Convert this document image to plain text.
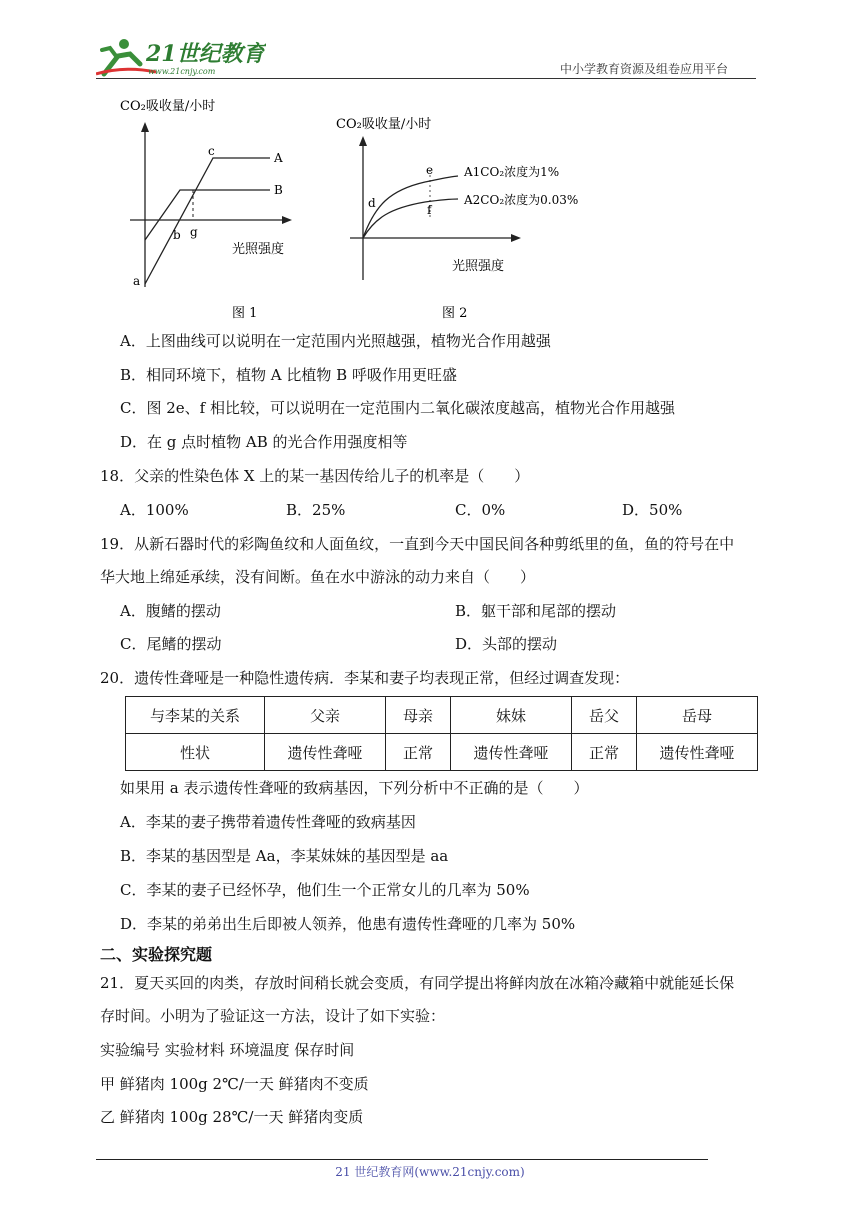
21世纪教育
www.21cnjy.com	中小学教育资源及组卷应用平台
CO₂吸收量/小时
a
b
c
g
A
B
光照强度
图 1
CO₂吸收量/小时
e
d	f
A1CO₂浓度为1%
A2CO₂浓度为0.03%
光照强度
图 2
A．上图曲线可以说明在一定范围内光照越强，植物光合作用越强
B．相同环境下，植物 A 比植物 B 呼吸作用更旺盛
C．图 2e、f 相比较，可以说明在一定范围内二氧化碳浓度越高，植物光合作用越强
D．在 g 点时植物 AB 的光合作用强度相等
18．父亲的性染色体 X 上的某一基因传给儿子的机率是（　　）
A．100%	B．25%	C．0%	D．50%
19．从新石器时代的彩陶鱼纹和人面鱼纹，一直到今天中国民间各种剪纸里的鱼，鱼的符号在中
华大地上绵延承续，没有间断。鱼在水中游泳的动力来自（　　）
A．腹鳍的摆动	B．躯干部和尾部的摆动
C．尾鳍的摆动	D．头部的摆动
20．遗传性聋哑是一种隐性遗传病．李某和妻子均表现正常，但经过调查发现：
与李某的关系	父亲	母亲	妹妹	岳父	岳母
性状	遗传性聋哑	正常	遗传性聋哑	正常	遗传性聋哑
如果用 a 表示遗传性聋哑的致病基因，下列分析中不正确的是（　　）
A．李某的妻子携带着遗传性聋哑的致病基因
B．李某的基因型是 Aa，李某妹妹的基因型是 aa
C．李某的妻子已经怀孕，他们生一个正常女儿的几率为 50%
D．李某的弟弟出生后即被人领养，他患有遗传性聋哑的几率为 50%
二、实验探究题
21．夏天买回的肉类，存放时间稍长就会变质，有同学提出将鲜肉放在冰箱冷藏箱中就能延长保
存时间。小明为了验证这一方法，设计了如下实验：
实验编号 实验材料 环境温度 保存时间
甲 鲜猪肉 100g 2℃/一天 鲜猪肉不变质
乙 鲜猪肉 100g 28℃/一天 鲜猪肉变质
21 世纪教育网(www.21cnjy.com)
